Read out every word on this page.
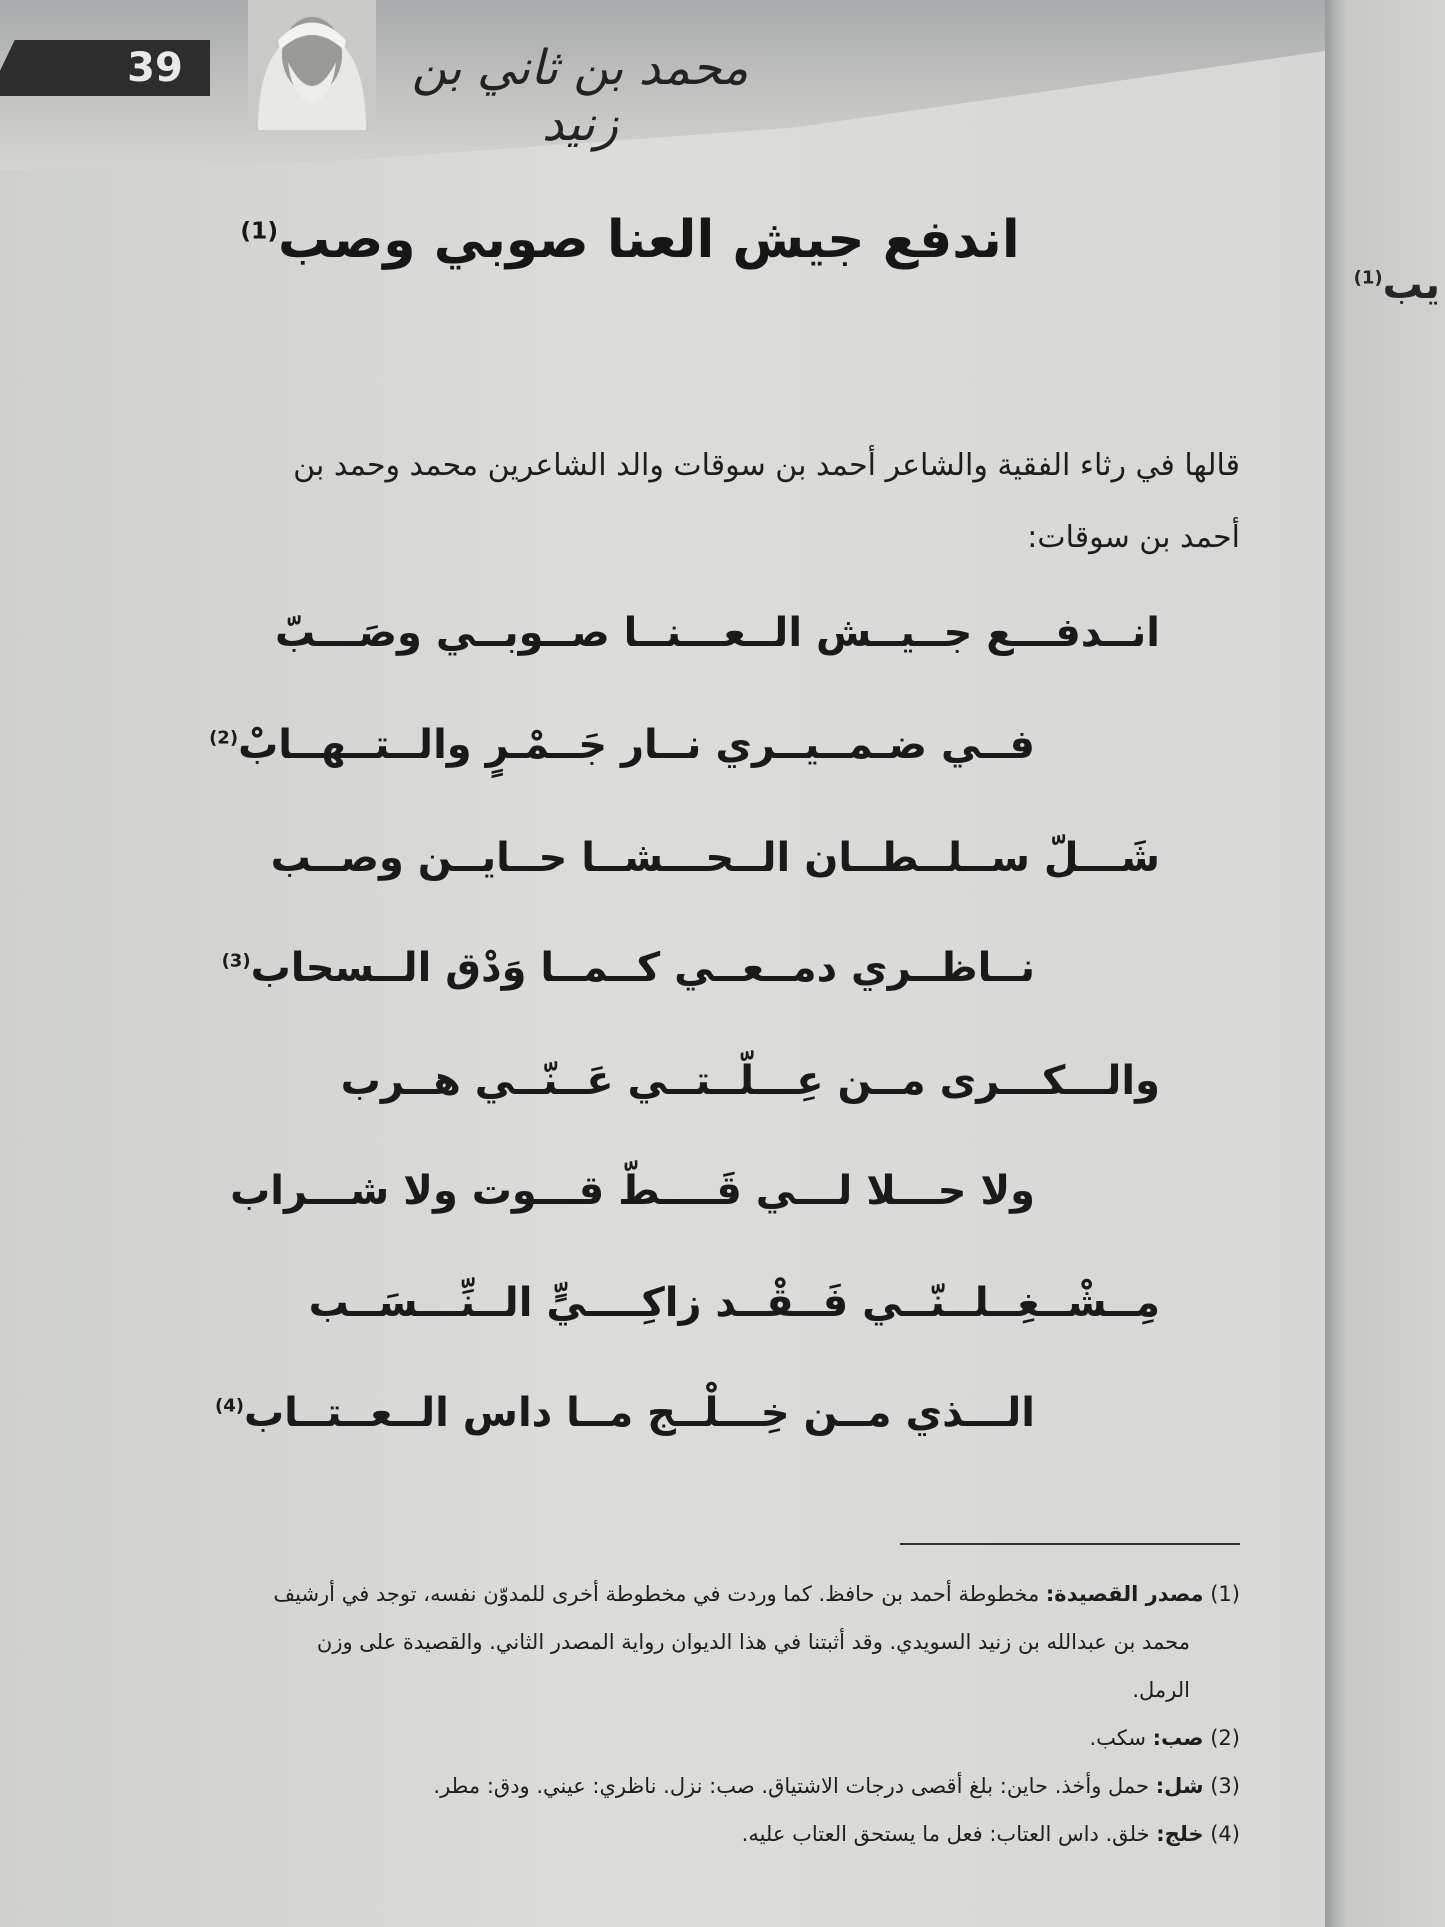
39	محمد بن ثاني بن زنيد
اندفع جيش العنا صوبي وصب$^{(1)}$

قالها في رثاء الفقية والشاعر أحمد بن سوقات والد الشاعرين محمد وحمد بن

أحمد بن سوقات:

انــدفـــع جــيــش الــعـــنــا صــوبــي وصَـــبّ
فــي ضـمــيــري نــار جَــمْـرٍ والــتــهــابْ$^{(2)}$
شَـــلّ ســلــطــان الــحـــشــا حــايــن وصــب
نــاظــري دمــعــي كــمــا وَدْق الــسحاب$^{(3)}$
والـــكـــرى مــن عِـــلّــتــي عَــنّــي هــرب
ولا حـــلا لـــي قَــــطّ قـــوت ولا شـــراب
مِــشْــغِــلــنّــي فَــقْــد زاكِــــيٍّ الــنِّـــسَــب
الـــذي مــن خِـــلْــج مــا داس الــعــتــاب$^{(4)}$

(1) مصدر القصيدة: مخطوطة أحمد بن حافظ. كما وردت في مخطوطة أخرى للمدوّن نفسه، توجد في أرشيف

محمد بن عبدالله بن زنيد السويدي. وقد أثبتنا في هذا الديوان رواية المصدر الثاني. والقصيدة على وزن

الرمل.

(2) صب: سكب.

(3) شل: حمل وأخذ. حاين: بلغ أقصى درجات الاشتياق. صب: نزل. ناظري: عيني. ودق: مطر.

(4) خلج: خلق. داس العتاب: فعل ما يستحق العتاب عليه.

يب$^{(1)}$
